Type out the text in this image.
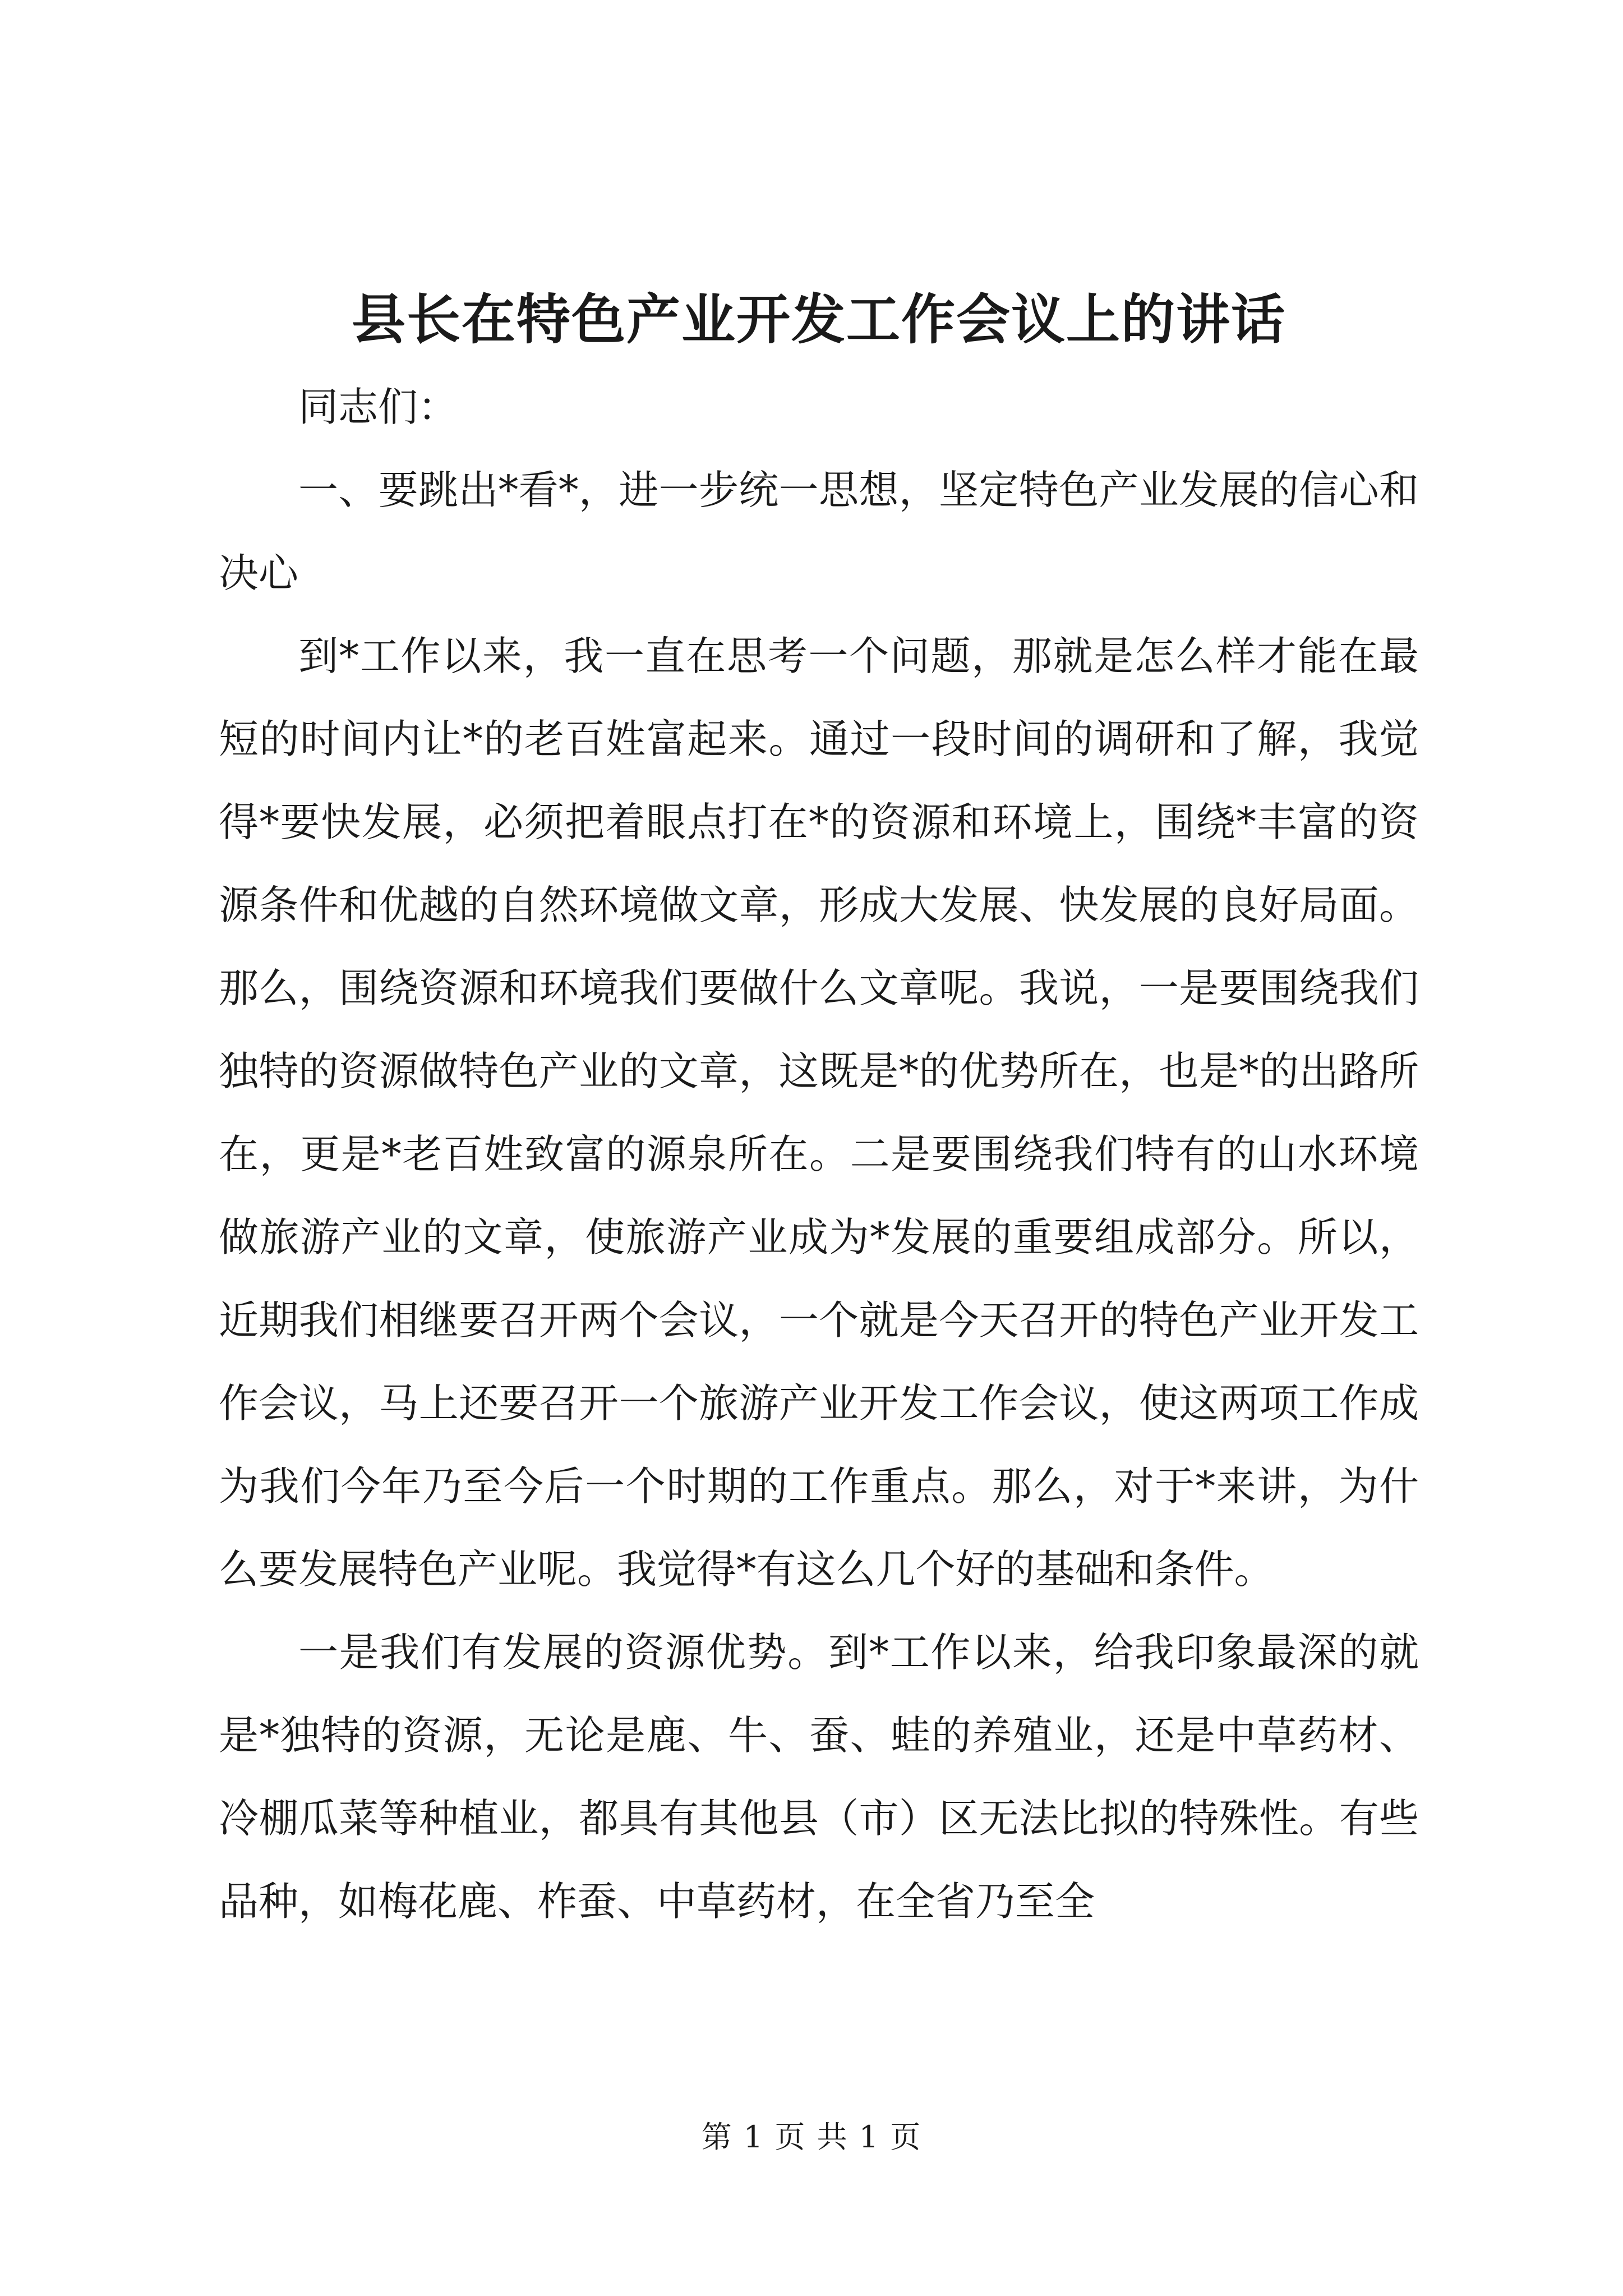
县长在特色产业开发工作会议上的讲话

同志们：

一、要跳出*看*，进一步统一思想，坚定特色产业发展的信心和决心

到*工作以来，我一直在思考一个问题，那就是怎么样才能在最短的时间内让*的老百姓富起来。通过一段时间的调研和了解，我觉得*要快发展，必须把着眼点打在*的资源和环境上，围绕*丰富的资源条件和优越的自然环境做文章，形成大发展、快发展的良好局面。那么，围绕资源和环境我们要做什么文章呢。我说，一是要围绕我们独特的资源做特色产业的文章，这既是*的优势所在，也是*的出路所在，更是*老百姓致富的源泉所在。二是要围绕我们特有的山水环境做旅游产业的文章，使旅游产业成为*发展的重要组成部分。所以，近期我们相继要召开两个会议，一个就是今天召开的特色产业开发工作会议，马上还要召开一个旅游产业开发工作会议，使这两项工作成为我们今年乃至今后一个时期的工作重点。那么，对于*来讲，为什么要发展特色产业呢。我觉得*有这么几个好的基础和条件。

一是我们有发展的资源优势。到*工作以来，给我印象最深的就是*独特的资源，无论是鹿、牛、蚕、蛙的养殖业，还是中草药材、冷棚瓜菜等种植业，都具有其他县（市）区无法比拟的特殊性。有些品种，如梅花鹿、柞蚕、中草药材，在全省乃至全

第 1 页 共 1 页
